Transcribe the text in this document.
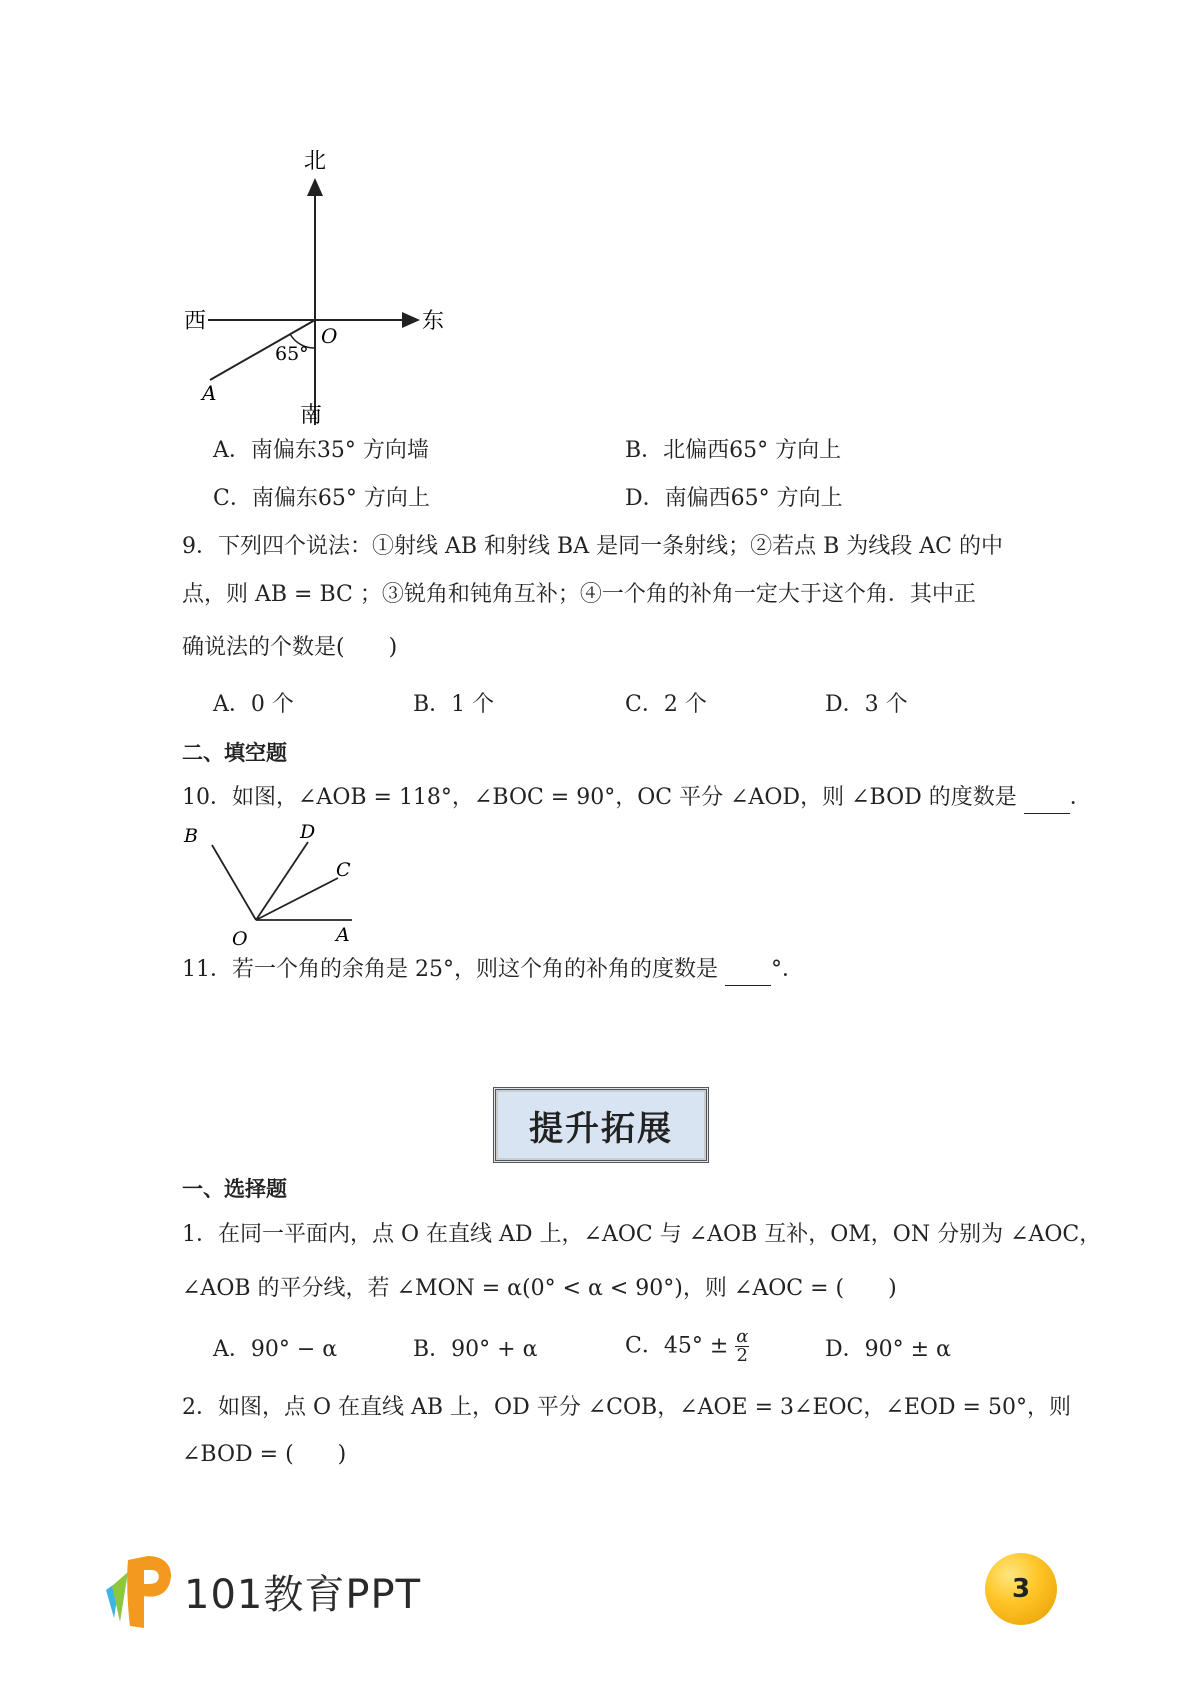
北
西	东
南
O
A
65°
A．南偏东35° 方向墙	B．北偏西65° 方向上
C．南偏东65° 方向上	D．南偏西65° 方向上
9．下列四个说法：①射线 AB 和射线 BA 是同一条射线；②若点 B 为线段 AC 的中
点，则 AB = BC ；③锐角和钝角互补；④一个角的补角一定大于这个角．其中正
确说法的个数是(　　)
A．0 个	B．1 个	C．2 个	D．3 个
二、填空题
10．如图，∠AOB = 118°，∠BOC = 90°，OC 平分 ∠AOD，则 ∠BOD 的度数是 ．
B	D
C
O	A
11．若一个角的余角是 25°，则这个角的补角的度数是 °．
提升拓展
一、选择题
1．在同一平面内，点 O 在直线 AD 上，∠AOC 与 ∠AOB 互补，OM，ON 分别为 ∠AOC，
∠AOB 的平分线，若 ∠MON = α(0° < α < 90°)，则 ∠AOC = (　　)
A．90° − α	B．90° + α	C．$45^\circ \pm \frac{\alpha}{2}$	D．90° ± α
2．如图，点 O 在直线 AB 上，OD 平分 ∠COB，∠AOE = 3∠EOC，∠EOD = 50°，则
∠BOD = (　　)
101教育PPT	3
